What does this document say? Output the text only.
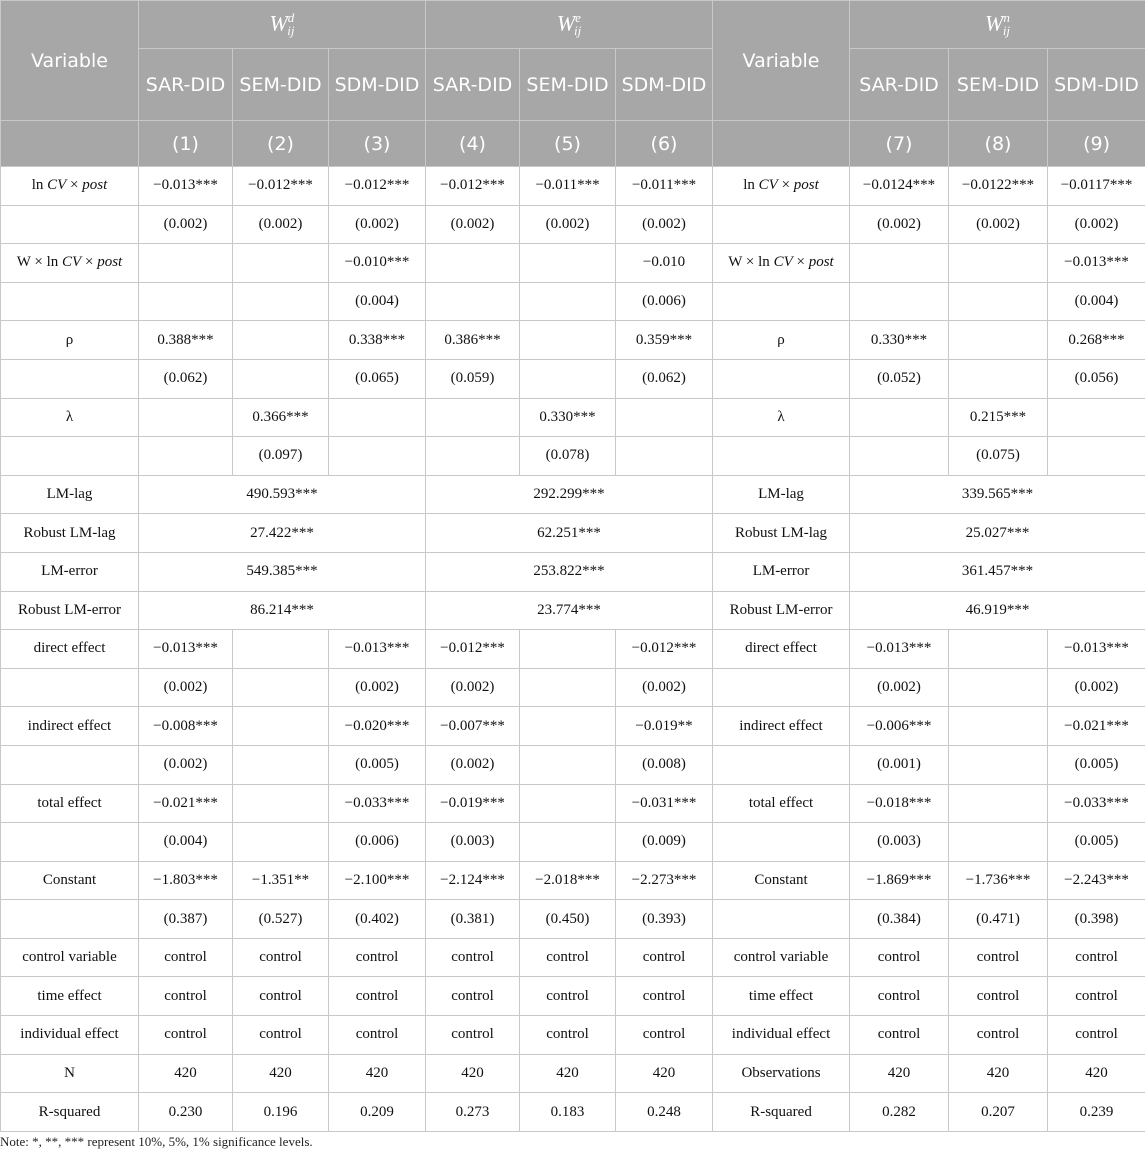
Variable	$W^d_{ij}$			$W^e_{ij}$			Variable	$W^n_{ij}$
	SAR-DID	SEM-DID	SDM-DID	SAR-DID	SEM-DID	SDM-DID		SAR-DID	SEM-DID	SDM-DID
	(1)	(2)	(3)	(4)	(5)	(6)		(7)	(8)	(9)
ln CV × post	−0.013***	−0.012***	−0.012***	−0.012***	−0.011***	−0.011***	ln CV × post	−0.0124***	−0.0122***	−0.0117***
	(0.002)	(0.002)	(0.002)	(0.002)	(0.002)	(0.002)		(0.002)	(0.002)	(0.002)
W × ln CV × post			−0.010***			−0.010	W × ln CV × post			−0.013***
			(0.004)			(0.006)				(0.004)
ρ	0.388***		0.338***	0.386***		0.359***	ρ	0.330***		0.268***
	(0.062)		(0.065)	(0.059)		(0.062)		(0.052)		(0.056)
λ		0.366***			0.330***		λ		0.215***	
		(0.097)			(0.078)				(0.075)	
LM-lag	490.593***			292.299***			LM-lag	339.565***		
Robust LM-lag	27.422***			62.251***			Robust LM-lag	25.027***		
LM-error	549.385***			253.822***			LM-error	361.457***		
Robust LM-error	86.214***			23.774***			Robust LM-error	46.919***		
direct effect	−0.013***		−0.013***	−0.012***		−0.012***	direct effect	−0.013***		−0.013***
	(0.002)		(0.002)	(0.002)		(0.002)		(0.002)		(0.002)
indirect effect	−0.008***		−0.020***	−0.007***		−0.019**	indirect effect	−0.006***		−0.021***
	(0.002)		(0.005)	(0.002)		(0.008)		(0.001)		(0.005)
total effect	−0.021***		−0.033***	−0.019***		−0.031***	total effect	−0.018***		−0.033***
	(0.004)		(0.006)	(0.003)		(0.009)		(0.003)		(0.005)
Constant	−1.803***	−1.351**	−2.100***	−2.124***	−2.018***	−2.273***	Constant	−1.869***	−1.736***	−2.243***
	(0.387)	(0.527)	(0.402)	(0.381)	(0.450)	(0.393)		(0.384)	(0.471)	(0.398)
control variable	control	control	control	control	control	control	control variable	control	control	control
time effect	control	control	control	control	control	control	time effect	control	control	control
individual effect	control	control	control	control	control	control	individual effect	control	control	control
N	420	420	420	420	420	420	Observations	420	420	420
R-squared	0.230	0.196	0.209	0.273	0.183	0.248	R-squared	0.282	0.207	0.239
Note: *, **, *** represent 10%, 5%, 1% significance levels.
